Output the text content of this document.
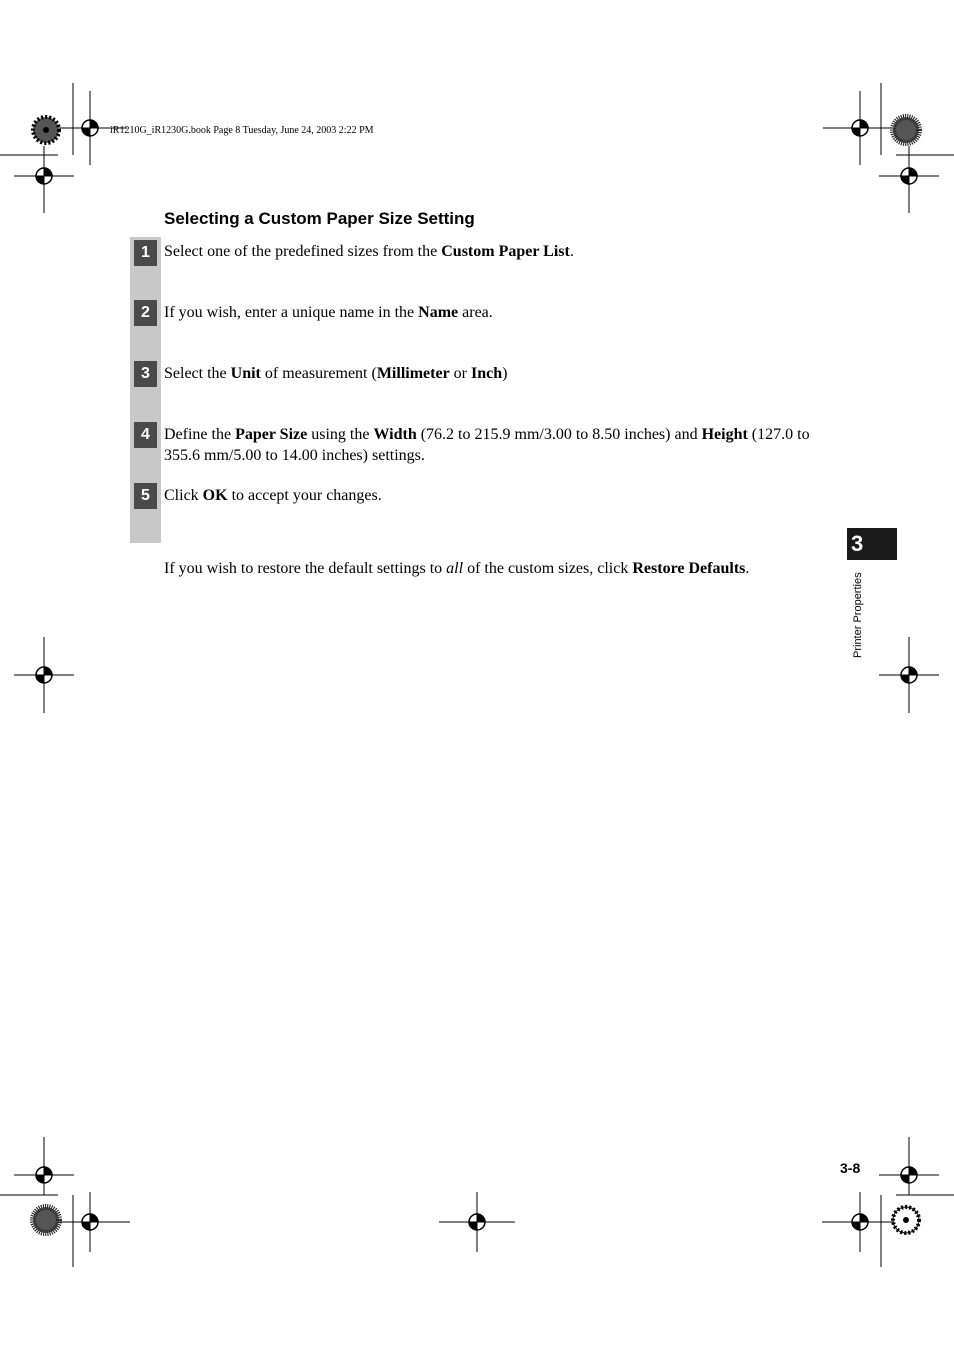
iR1210G_iR1230G.book Page 8 Tuesday, June 24, 2003 2:22 PM
Selecting a Custom Paper Size Setting
1 Select one of the predefined sizes from the Custom Paper List.
2 If you wish, enter a unique name in the Name area.
3 Select the Unit of measurement (Millimeter or Inch)
4 Define the Paper Size using the Width (76.2 to 215.9 mm/3.00 to 8.50 inches) and Height (127.0 to 355.6 mm/5.00 to 14.00 inches) settings.
5 Click OK to accept your changes.
If you wish to restore the default settings to all of the custom sizes, click Restore Defaults.
3
Printer Properties
3-8
